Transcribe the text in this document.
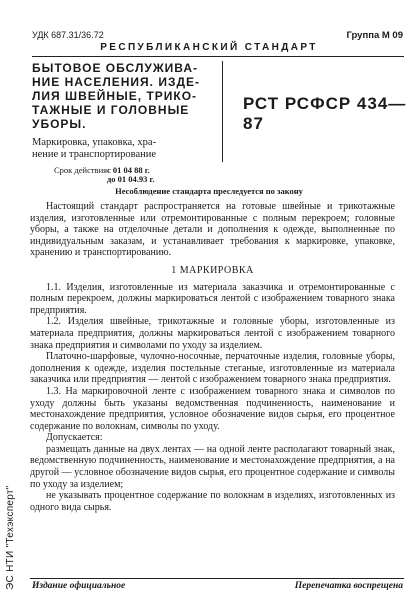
УДК 687.31/36.72	Группа М 09
РЕСПУБЛИКАНСКИЙ СТАНДАРТ

БЫТОВОЕ ОБСЛУЖИВА-
НИЕ НАСЕЛЕНИЯ. ИЗДЕ-
ЛИЯ ШВЕЙНЫЕ, ТРИКО-
ТАЖНЫЕ И ГОЛОВНЫЕ
УБОРЫ.

Маркировка, упаковка, хра-
нение и транспортирование

РСТ РСФСР 434—87
Срок действия с 01 04 88 г.
до 01 04.93 г.
Несоблюдение стандарта преследуется по закону

Настоящий стандарт распространяется на готовые швейные и трикотажные изделия, изготовленные или отремонтированные с полным перекроем; головные уборы, а также на отделочные детали и дополнения к одежде, выполненные по индивидуальным заказам, и устанавливает требования к маркировке, упаковке, хранению и транспортированию.

1 МАРКИРОВКА

1.1. Изделия, изготовленные из материала заказчика и отремонтированные с полным перекроем, должны маркироваться лентой с изображением товарного знака предприятия.

1.2. Изделия швейные, трикотажные и головные уборы, изготовленные из материала предприятия, должны маркироваться лентой с изображением товарного знака предприятия и символами по уходу за изделием.

Платочно-шарфовые, чулочно-носочные, перчаточные изделия, головные уборы, дополнения к одежде, изделия постельные стеганые, изготовленные из материала заказчика или предприятия — лентой с изображением товарного знака предприятия.

1.3. На маркировочной ленте с изображением товарного знака и символов по уходу должны быть указаны ведомственная подчиненность, наименование и местонахождение предприятия, условное обозначение видов сырья, его процентное содержание по волокнам, символы по уходу.

Допускается:

размещать данные на двух лентах — на одной ленте располагают товарный знак, ведомственную подчиненность, наименование и местонахождение предприятия, а на другой — условное обозначение видов сырья, его процентное содержание и символы по уходу за изделием;

не указывать процентное содержание по волокнам в изделиях, изготовленных из одного вида сырья.

ЭС НТИ "Техэксперт" Издание официальное	Перепечатка воспрещена
